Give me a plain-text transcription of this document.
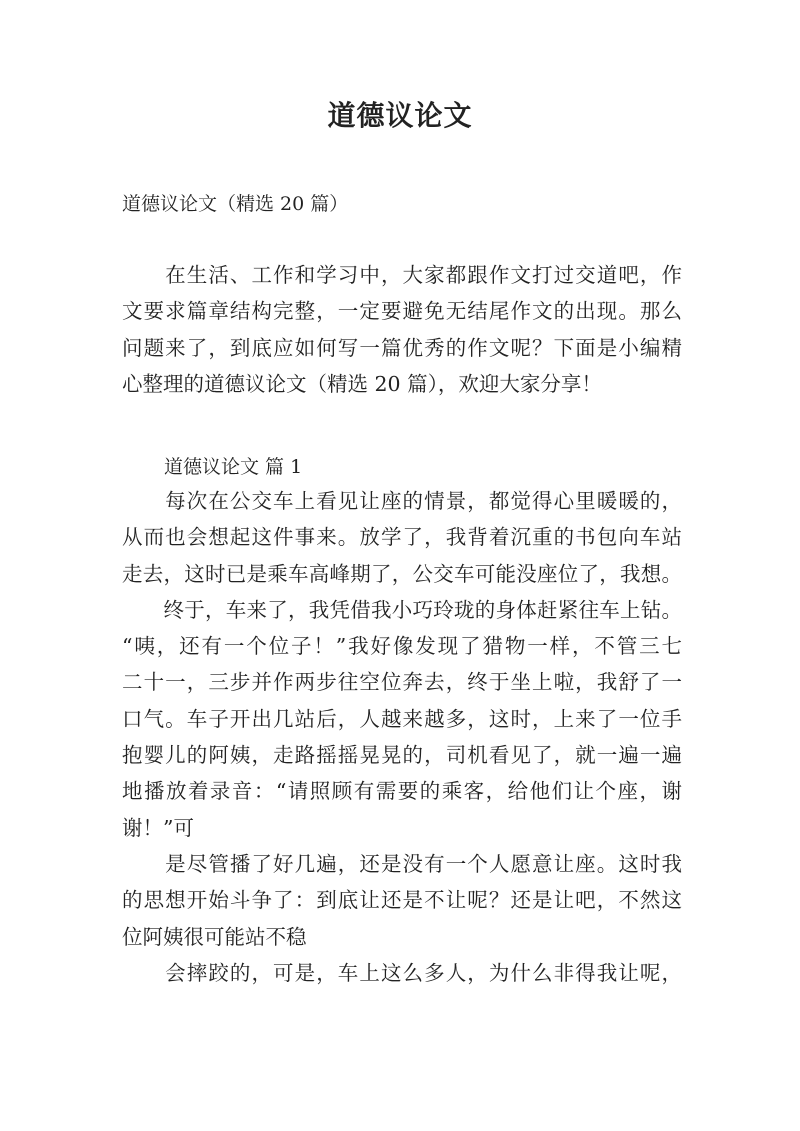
道德议论文

道德议论文（精选 20 篇）

　　在生活、工作和学习中，大家都跟作文打过交道吧，作
文要求篇章结构完整，一定要避免无结尾作文的出现。那么
问题来了，到底应如何写一篇优秀的作文呢？下面是小编精
心整理的道德议论文（精选 20 篇），欢迎大家分享！

道德议论文 篇 1

　　每次在公交车上看见让座的情景，都觉得心里暖暖的，
从而也会想起这件事来。放学了，我背着沉重的书包向车站
走去，这时已是乘车高峰期了，公交车可能没座位了，我想。
　　终于，车来了，我凭借我小巧玲珑的身体赶紧往车上钻。
“咦，还有一个位子！”我好像发现了猎物一样，不管三七
二十一，三步并作两步往空位奔去，终于坐上啦，我舒了一
口气。车子开出几站后，人越来越多，这时，上来了一位手
抱婴儿的阿姨，走路摇摇晃晃的，司机看见了，就一遍一遍
地播放着录音：“请照顾有需要的乘客，给他们让个座，谢
谢！”可
　　是尽管播了好几遍，还是没有一个人愿意让座。这时我
的思想开始斗争了：到底让还是不让呢？还是让吧，不然这
位阿姨很可能站不稳
　　会摔跤的，可是，车上这么多人，为什么非得我让呢，
